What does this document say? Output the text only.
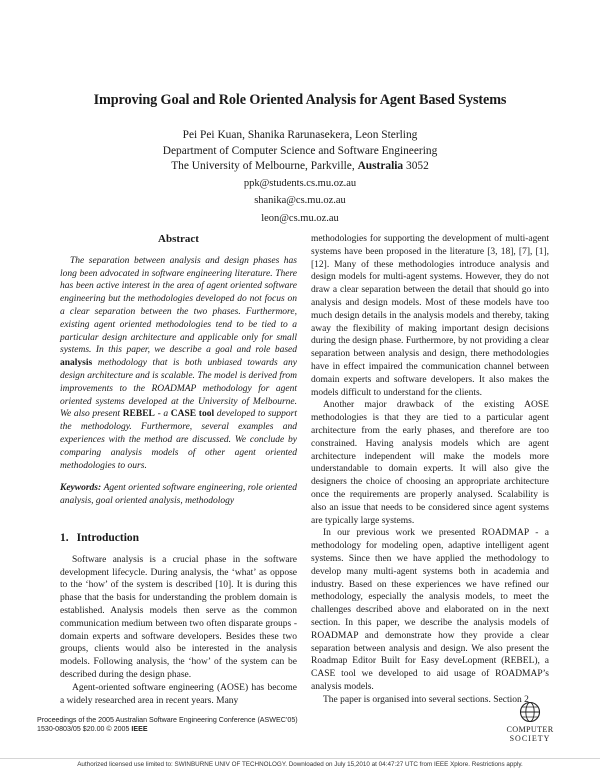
Improving Goal and Role Oriented Analysis for Agent Based Systems
Pei Pei Kuan, Shanika Rarunasekera, Leon Sterling
Department of Computer Science and Software Engineering
The University of Melbourne, Parkville, Australia 3052
ppk@students.cs.mu.oz.au
shanika@cs.mu.oz.au
leon@cs.mu.oz.au
Abstract

The separation between analysis and design phases has long been advocated in software engineering literature. There has been active interest in the area of agent oriented software engineering but the methodologies developed do not focus on a clear separation between the two phases. Furthermore, existing agent oriented methodologies tend to be tied to a particular design architecture and applicable only for small systems. In this paper, we describe a goal and role based analysis methodology that is both unbiased towards any design architecture and is scalable. The model is derived from improvements to the ROADMAP methodology for agent oriented systems developed at the University of Melbourne. We also present REBEL - a CASE tool developed to support the methodology. Furthermore, several examples and experiences with the method are discussed. We conclude by comparing analysis models of other agent oriented methodologies to ours.

Keywords: Agent oriented software engineering, role oriented analysis, goal oriented analysis, methodology

1. Introduction

Software analysis is a crucial phase in the software development lifecycle. During analysis, the ‘what’ as oppose to the ‘how’ of the system is described [10]. It is during this phase that the basis for understanding the problem domain is established. Analysis models then serve as the common communication medium between two often disparate groups - domain experts and software developers. Besides these two groups, clients would also be interested in the analysis models. Following analysis, the ‘how’ of the system can be described during the design phase.

Agent-oriented software engineering (AOSE) has become a widely researched area in recent years. Many

methodologies for supporting the development of multi-agent systems have been proposed in the literature [3, 18], [7], [1], [12]. Many of these methodologies introduce analysis and design models for multi-agent systems. However, they do not draw a clear separation between the detail that should go into analysis and design models. Most of these models have too much design details in the analysis models and thereby, taking away the flexibility of making important design decisions during the design phase. Furthermore, by not providing a clear separation between analysis and design, there methodologies have in effect impaired the communication channel between domain experts and software developers. It also makes the models difficult to understand for the clients.

Another major drawback of the existing AOSE methodologies is that they are tied to a particular agent architecture from the early phases, and therefore are too constrained. Having analysis models which are agent architecture independent will make the models more understandable to domain experts. It will also give the designers the choice of choosing an appropriate architecture once the requirements are properly analysed. Scalability is also an issue that needs to be considered since agent systems are typically large systems.

In our previous work we presented ROADMAP - a methodology for modeling open, adaptive intelligent agent systems. Since then we have applied the methodology to develop many multi-agent systems both in academia and industry. Based on these experiences we have refined our methodology, especially the analysis models, to meet the challenges described above and elaborated on in the next section. In this paper, we describe the analysis models of ROADMAP and demonstrate how they provide a clear separation between analysis and design. We also present the Roadmap Editor Built for Easy deveLopment (REBEL), a CASE tool we developed to aid usage of ROADMAP’s analysis models.

The paper is organised into several sections. Section 2

Proceedings of the 2005 Australian Software Engineering Conference (ASWEC’05)
1530-0803/05 $20.00 © 2005 IEEE	COMPUTER
SOCIETY
Authorized licensed use limited to: SWINBURNE UNIV OF TECHNOLOGY. Downloaded on July 15,2010 at 04:47:27 UTC from IEEE Xplore. Restrictions apply.
